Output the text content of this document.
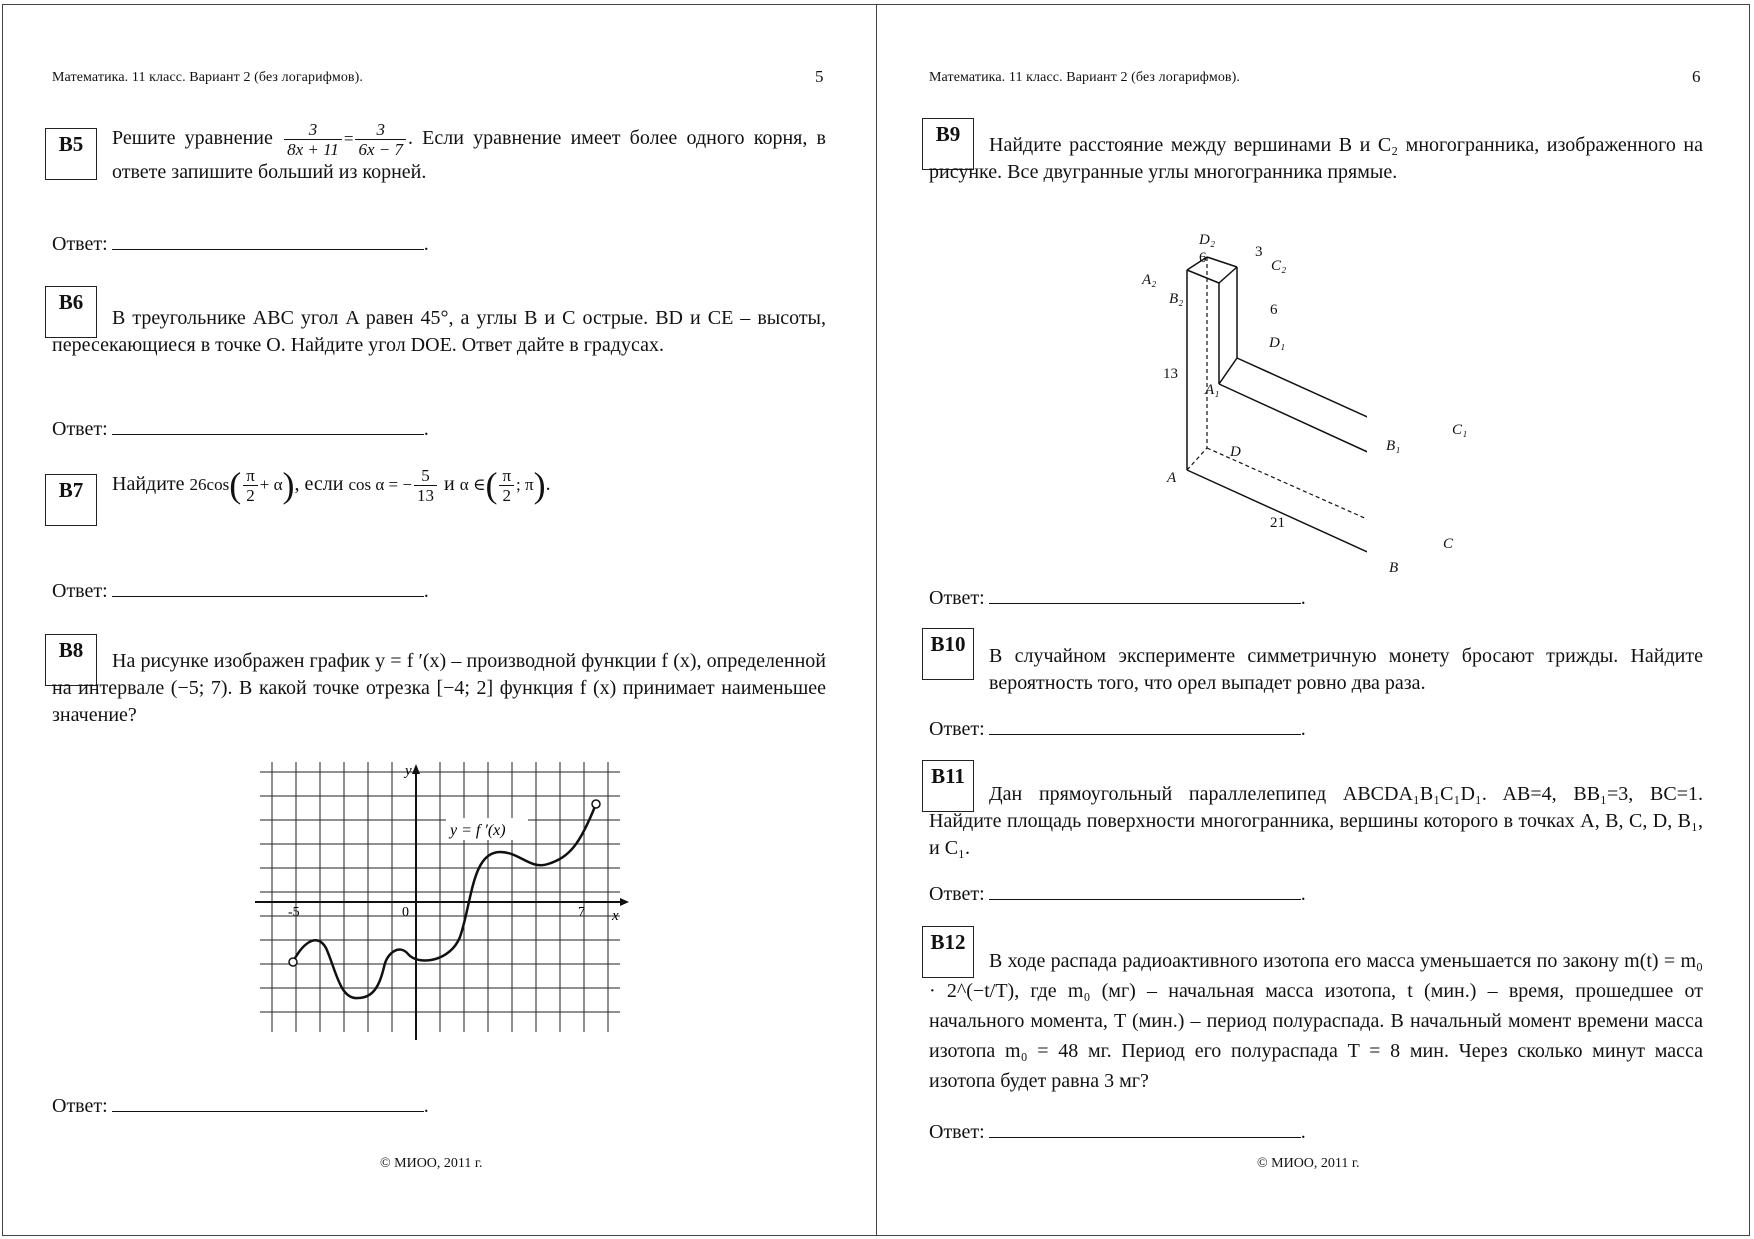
Математика. 11 класс. Вариант 2 (без логарифмов).	5
B5	Решите уравнение $\frac{3}{8x + 11} = \frac{3}{6x - 7}$ . Если уравнение имеет более одного корня, в ответе запишите больший из корней.
Ответ:	.
B6
В треугольнике ABC угол A равен 45°, а углы B и C острые. BD и CE – высоты, пересекающиеся в точке O. Найдите угол DOE. Ответ дайте в градусах.
Ответ:	.
B7	Найдите $26\cos( \frac{\pi}{2} + \alpha)$, если cos α = − $\frac{5}{13}$ и α ∈( $\frac{\pi}{2}$ ; π).
Ответ:	.
B8	На рисунке изображен график y = f ′(x) – производной функции f (x), определенной на интервале (−5; 7). В какой точке отрезка [−4; 2] функция f (x) принимает наименьшее значение?
y
x
y = f ′(x)
-5	0	7
Ответ:	.
© МИОО, 2011 г.
Математика. 11 класс. Вариант 2 (без логарифмов).	6
B9	Найдите расстояние между вершинами B и C₂ многогранника, изображенного на рисунке. Все двугранные углы многогранника прямые.
A₂
D₂
C₂
B₂
D₁
A₁
D
A
B₁
C₁
C
B
6	3
6
13
21
Ответ:	.
B10	В случайном эксперименте симметричную монету бросают трижды. Найдите вероятность того, что орел выпадет ровно два раза.
Ответ:	.
B11
Дан прямоугольный параллелепипед ABCDA₁B₁C₁D₁. AB=4, BB₁=3, BC=1. Найдите площадь поверхности многогранника, вершины которого в точках A, B, C, D, B₁, и C₁.
Ответ:	.
B12
В ходе распада радиоактивного изотопа его масса уменьшается по закону m(t) = m₀ · 2^(−t/T), где m₀ (мг) – начальная масса изотопа, t (мин.) – время, прошедшее от начального момента, T (мин.) – период полураспада. В начальный момент времени масса изотопа m₀ = 48 мг. Период его полураспада T = 8 мин. Через сколько минут масса изотопа будет равна 3 мг?
Ответ:	.
© МИОО, 2011 г.
